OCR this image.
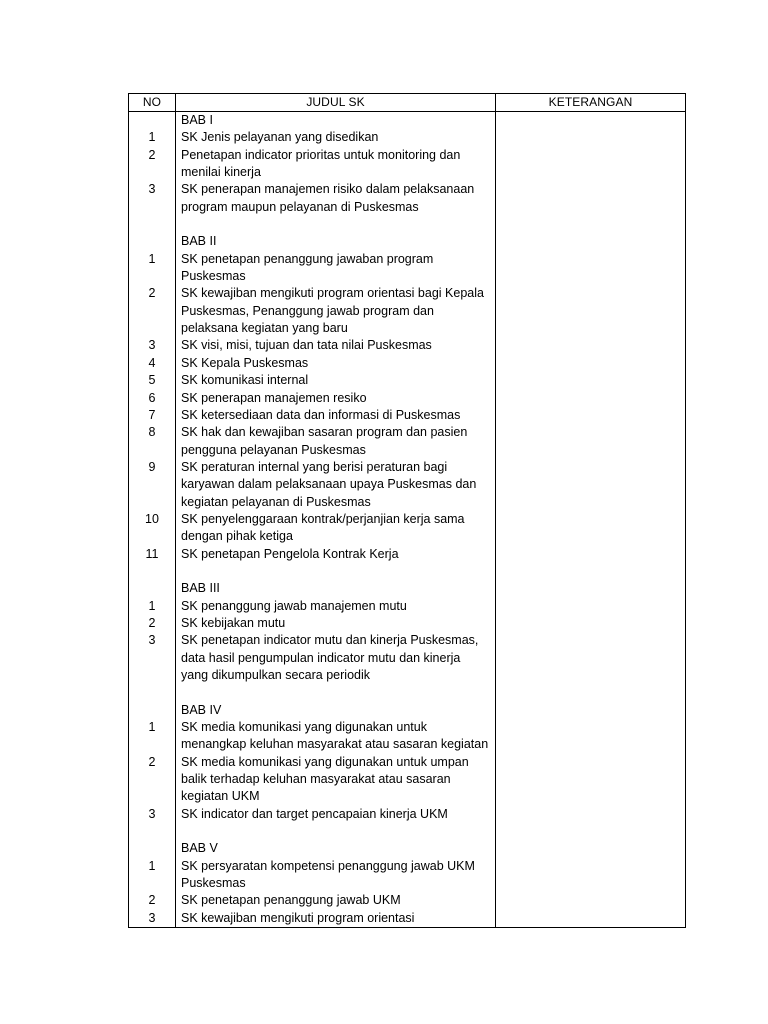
NO	JUDUL SK	KETERANGAN
BAB I
1	SK Jenis pelayanan yang disedikan
2	Penetapan indicator prioritas untuk monitoring dan
menilai kinerja
3	SK penerapan manajemen risiko dalam pelaksanaan
program maupun pelayanan di Puskesmas
BAB II
1	SK penetapan penanggung jawaban program
Puskesmas
2	SK kewajiban mengikuti program orientasi bagi Kepala
Puskesmas, Penanggung jawab program dan
pelaksana kegiatan yang baru
3	SK visi, misi, tujuan dan tata nilai Puskesmas
4	SK Kepala Puskesmas
5	SK komunikasi internal
6	SK penerapan manajemen resiko
7	SK ketersediaan data dan informasi di Puskesmas
8	SK hak dan kewajiban sasaran program dan pasien
pengguna pelayanan Puskesmas
9	SK peraturan internal yang berisi peraturan bagi
karyawan dalam pelaksanaan upaya Puskesmas dan
kegiatan pelayanan di Puskesmas
10	SK penyelenggaraan kontrak/perjanjian kerja sama
dengan pihak ketiga
11	SK penetapan Pengelola Kontrak Kerja
BAB III
1	SK penanggung jawab manajemen mutu
2	SK kebijakan mutu
3	SK penetapan indicator mutu dan kinerja Puskesmas,
data hasil pengumpulan indicator mutu dan kinerja
yang dikumpulkan secara periodik
BAB IV
1	SK media komunikasi yang digunakan untuk
menangkap keluhan masyarakat atau sasaran kegiatan
2	SK media komunikasi yang digunakan untuk umpan
balik terhadap keluhan masyarakat atau sasaran
kegiatan UKM
3	SK indicator dan target pencapaian kinerja UKM
BAB V
1	SK persyaratan kompetensi penanggung jawab UKM
Puskesmas
2	SK penetapan penanggung jawab UKM
3	SK kewajiban mengikuti program orientasi
